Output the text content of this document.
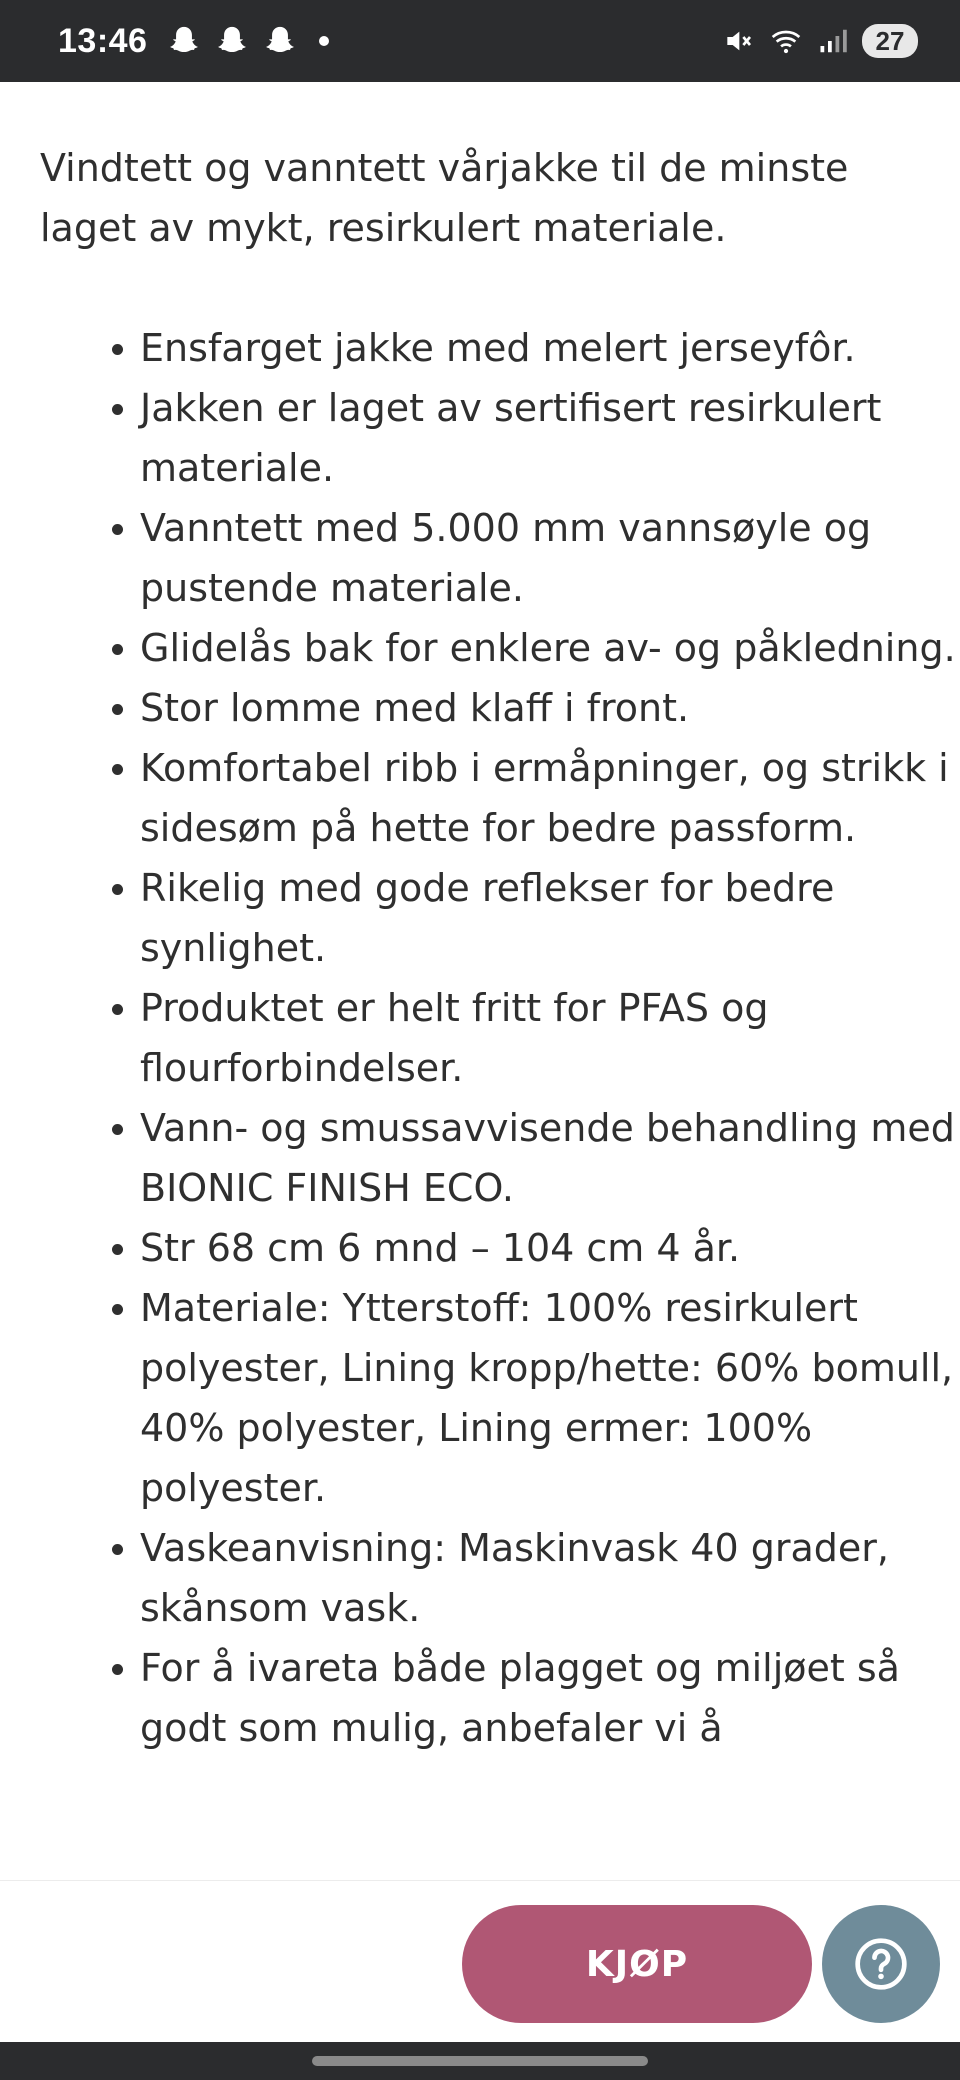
13:46	27

Vindtett og vanntett vårjakke til de minste laget av mykt, resirkulert materiale.

Ensfarget jakke med melert jerseyfôr.
Jakken er laget av sertifisert resirkulert materiale.
Vanntett med 5.000 mm vannsøyle og pustende materiale.
Glidelås bak for enklere av- og påkledning.
Stor lomme med klaff i front.
Komfortabel ribb i ermåpninger, og strikk i sidesøm på hette for bedre passform.
Rikelig med gode reflekser for bedre synlighet.
Produktet er helt fritt for PFAS og flourforbindelser.
Vann- og smussavvisende behandling med BIONIC FINISH ECO.
Str 68 cm 6 mnd – 104 cm 4 år.
Materiale: Ytterstoff: 100% resirkulert polyester, Lining kropp/hette: 60% bomull, 40% polyester, Lining ermer: 100% polyester.
Vaskeanvisning: Maskinvask 40 grader, skånsom vask.
For å ivareta både plagget og miljøet så godt som mulig, anbefaler vi å
KJØP
